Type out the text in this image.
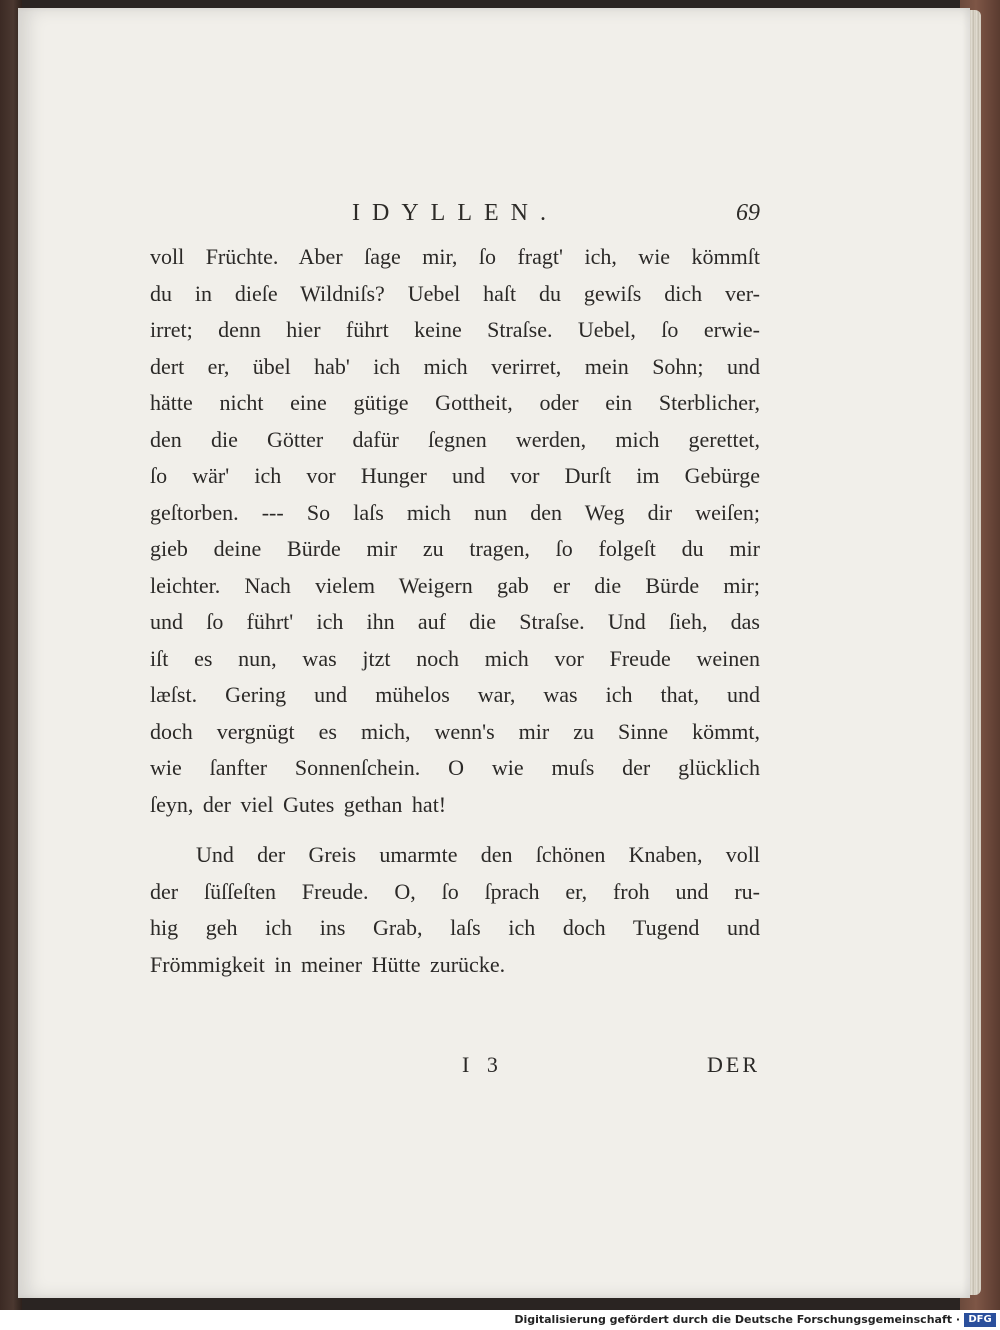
IDYLLEN.	69
voll Früchte. Aber ſage mir, ſo fragt' ich, wie kömmſt
du in dieſe Wildniſs? Uebel haſt du gewiſs dich ver-
irret; denn hier führt keine Straſse. Uebel, ſo erwie-
dert er, übel hab' ich mich verirret, mein Sohn; und
hätte nicht eine gütige Gottheit, oder ein Sterblicher,
den die Götter dafür ſegnen werden, mich gerettet,
ſo wär' ich vor Hunger und vor Durſt im Gebürge
geſtorben. --- So laſs mich nun den Weg dir weiſen;
gieb deine Bürde mir zu tragen, ſo folgeſt du mir
leichter. Nach vielem Weigern gab er die Bürde mir;
und ſo führt' ich ihn auf die Straſse. Und ſieh, das
iſt es nun, was jtzt noch mich vor Freude weinen
læſst. Gering und mühelos war, was ich that, und
doch vergnügt es mich, wenn's mir zu Sinne kömmt,
wie ſanfter Sonnenſchein. O wie muſs der glücklich
ſeyn, der viel Gutes gethan hat!
Und der Greis umarmte den ſchönen Knaben, voll
der ſüſſeſten Freude. O, ſo ſprach er, froh und ru-
hig geh ich ins Grab, laſs ich doch Tugend und
Frömmigkeit in meiner Hütte zurücke.
I 3	DER
Digitalisierung gefördert durch die Deutsche Forschungsgemeinschaft · DFG
